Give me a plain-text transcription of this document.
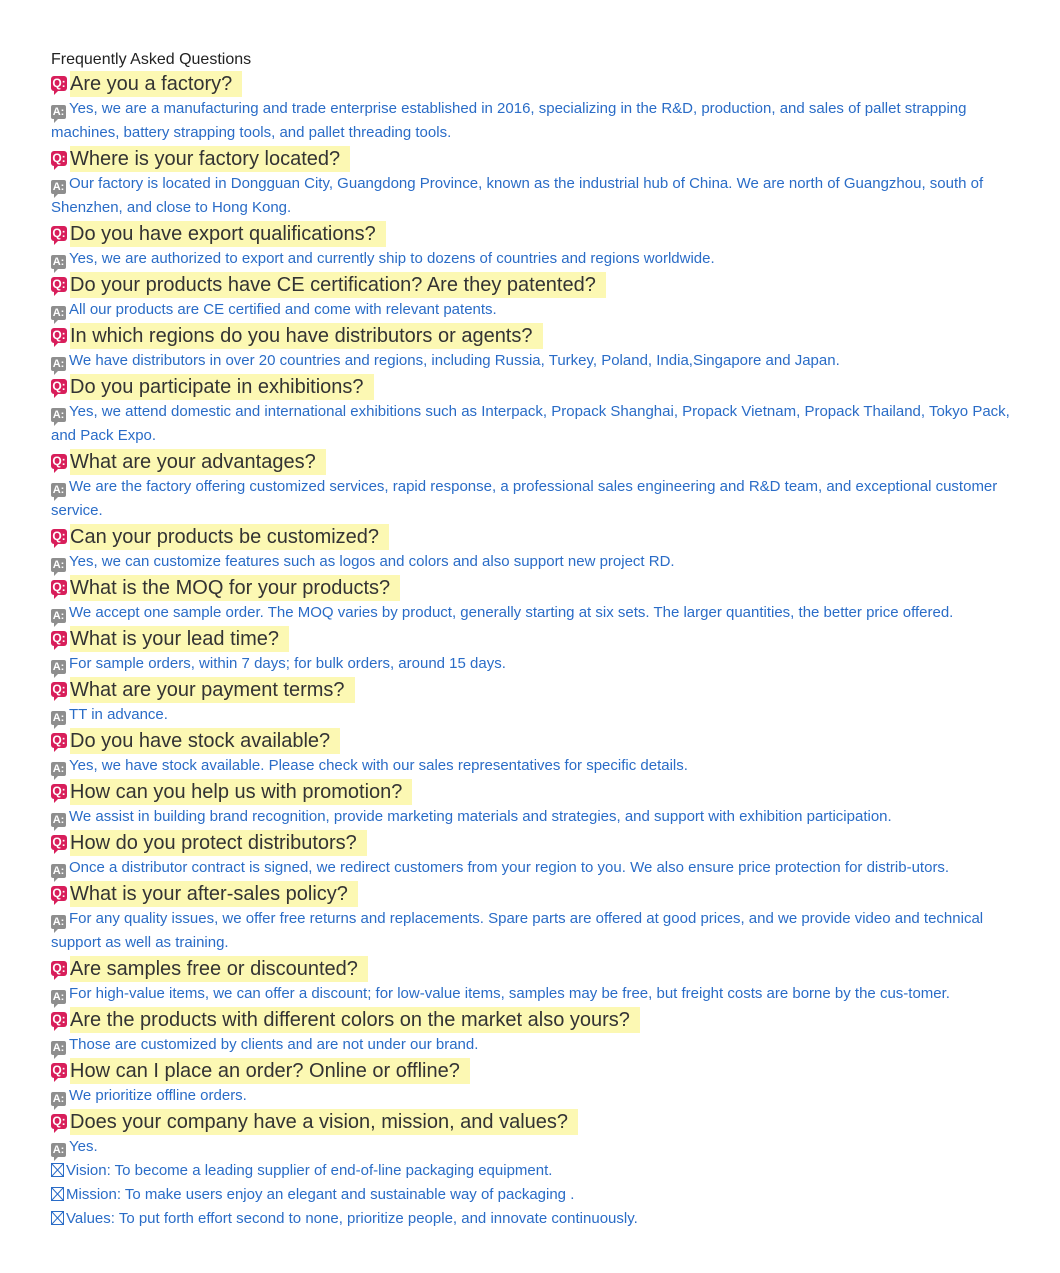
Frequently Asked Questions
Q: Are you a factory?
A: Yes, we are a manufacturing and trade enterprise established in 2016, specializing in the R&D, production, and sales of pallet strapping machines, battery strapping tools, and pallet threading tools.
Q: Where is your factory located?
A: Our factory is located in Dongguan City, Guangdong Province, known as the industrial hub of China. We are north of Guangzhou, south of Shenzhen, and close to Hong Kong.
Q: Do you have export qualifications?
A: Yes, we are authorized to export and currently ship to dozens of countries and regions worldwide.
Q: Do your products have CE certification? Are they patented?
A: All our products are CE certified and come with relevant patents.
Q: In which regions do you have distributors or agents?
A: We have distributors in over 20 countries and regions, including Russia, Turkey, Poland, India,Singapore and Japan.
Q: Do you participate in exhibitions?
A: Yes, we attend domestic and international exhibitions such as Interpack, Propack Shanghai, Propack Vietnam, Propack Thailand, Tokyo Pack, and Pack Expo.
Q: What are your advantages?
A: We are the factory offering customized services, rapid response, a professional sales engineering and R&D team, and exceptional customer service.
Q: Can your products be customized?
A: Yes, we can customize features such as logos and colors and also support new project RD.
Q: What is the MOQ for your products?
A: We accept one sample order. The MOQ varies by product, generally starting at six sets. The larger quantities, the better price offered.
Q: What is your lead time?
A: For sample orders, within 7 days; for bulk orders, around 15 days.
Q: What are your payment terms?
A: TT in advance.
Q: Do you have stock available?
A: Yes, we have stock available. Please check with our sales representatives for specific details.
Q: How can you help us with promotion?
A: We assist in building brand recognition, provide marketing materials and strategies, and support with exhibition participation.
Q: How do you protect distributors?
A: Once a distributor contract is signed, we redirect customers from your region to you. We also ensure price protection for distrib-utors.
Q: What is your after-sales policy?
A: For any quality issues, we offer free returns and replacements. Spare parts are offered at good prices, and we provide video and technical support as well as training.
Q: Are samples free or discounted?
A: For high-value items, we can offer a discount; for low-value items, samples may be free, but freight costs are borne by the cus-tomer.
Q: Are the products with different colors on the market also yours?
A: Those are customized by clients and are not under our brand.
Q: How can I place an order? Online or offline?
A: We prioritize offline orders.
Q: Does your company have a vision, mission, and values?
A: Yes.
Vision: To become a leading supplier of end-of-line packaging equipment.
Mission: To make users enjoy an elegant and sustainable way of packaging .
Values: To put forth effort second to none, prioritize people, and innovate continuously.
